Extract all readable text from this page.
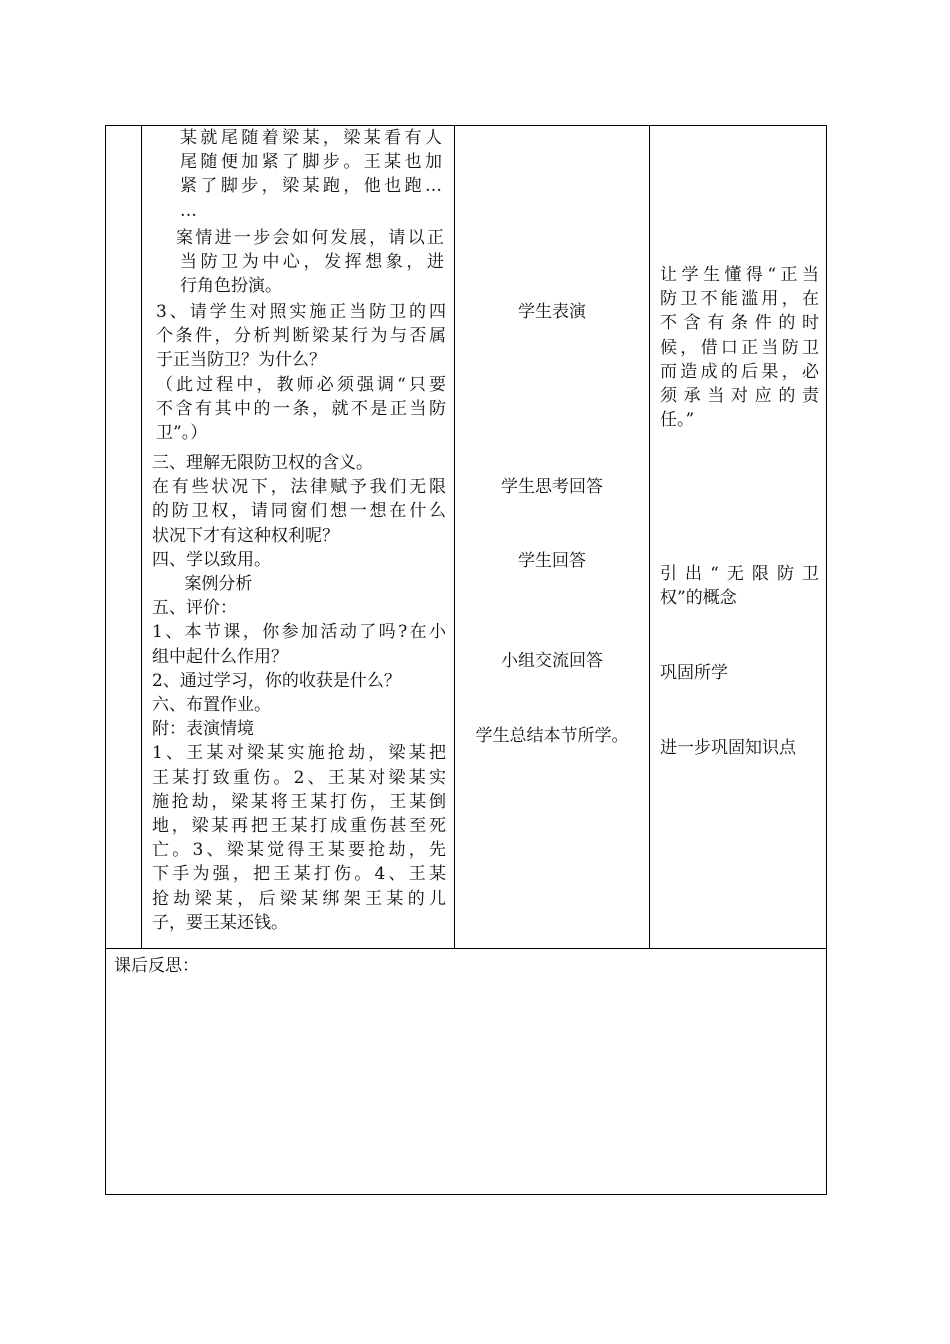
某就尾随着梁某，梁某看有人

尾随便加紧了脚步。王某也加

紧了脚步，梁某跑，他也跑…

…

案情进一步会如何发展，请以正

当防卫为中心，发挥想象，进

行角色扮演。

3、请学生对照实施正当防卫的四

个条件，分析判断梁某行为与否属

于正当防卫？为什么？

（此过程中，教师必须强调“只要

不含有其中的一条，就不是正当防

卫”。）

三、理解无限防卫权的含义。

在有些状况下，法律赋予我们无限

的防卫权，请同窗们想一想在什么

状况下才有这种权利呢？

四、学以致用。

案例分析

五、评价：

1、本节课，你参加活动了吗?在小

组中起什么作用？

2、通过学习，你的收获是什么？

六、布置作业。

附：表演情境

1、王某对梁某实施抢劫，梁某把

王某打致重伤。2、王某对梁某实

施抢劫，梁某将王某打伤，王某倒

地，梁某再把王某打成重伤甚至死

亡。3、梁某觉得王某要抢劫，先

下手为强，把王某打伤。4、王某

抢劫梁某，后梁某绑架王某的儿

子，要王某还钱。

学生表演

学生思考回答

学生回答

小组交流回答

学生总结本节所学。

让学生懂得“正当

防卫不能滥用，在

不含有条件的时

候，借口正当防卫

而造成的后果，必

须承当对应的责

任。”

引出“无限防卫

权”的概念

巩固所学

进一步巩固知识点

课后反思：
